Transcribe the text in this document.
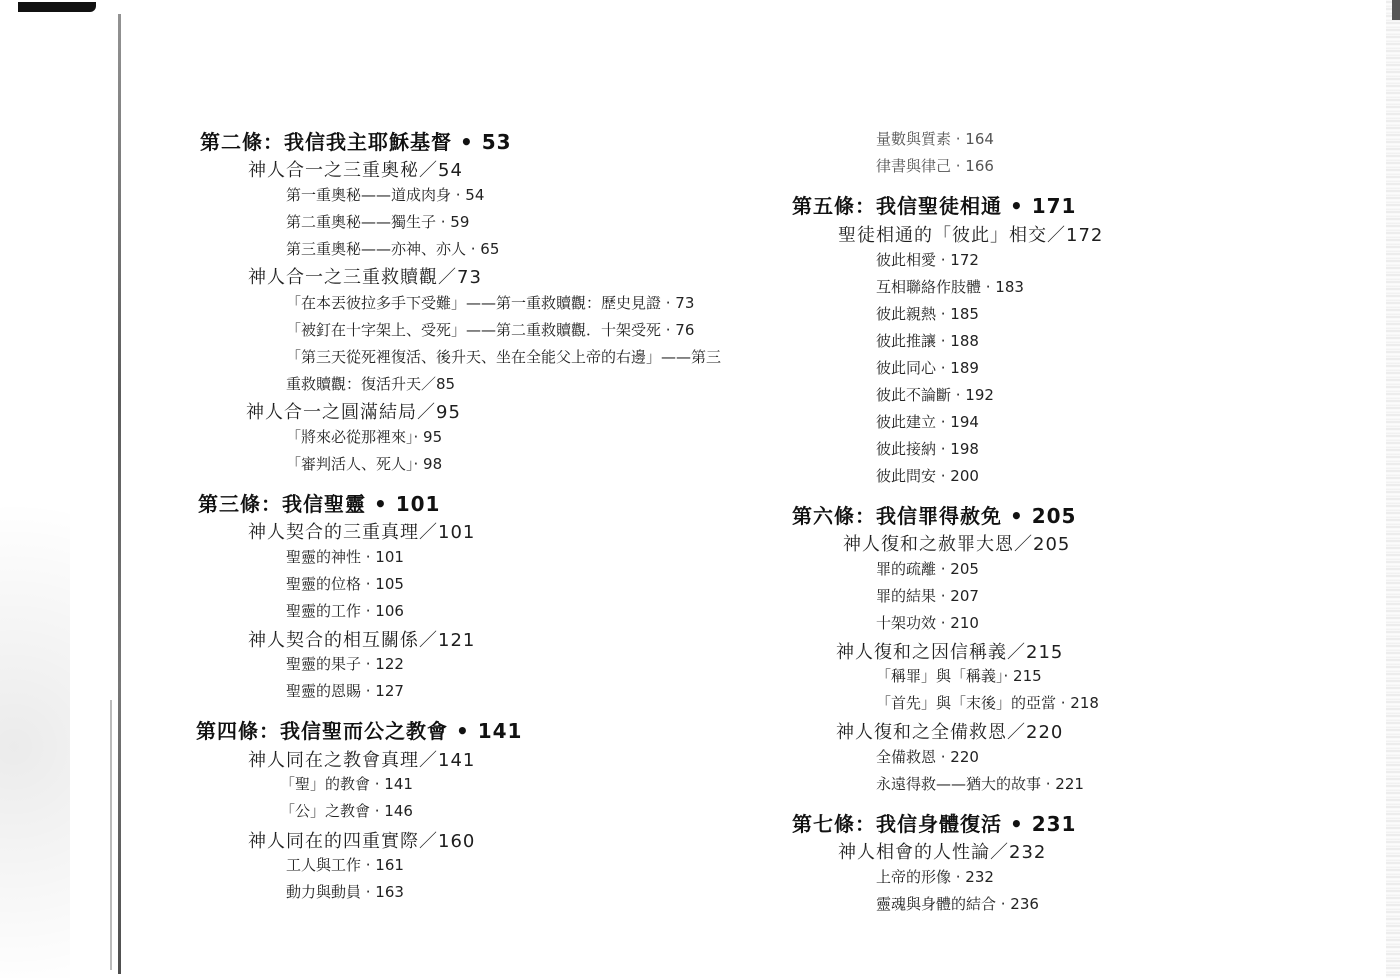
第二條：我信我主耶穌基督 • 53
神人合一之三重奧秘／54
第一重奧秘——道成肉身 · 54
第二重奧秘——獨生子 · 59
第三重奧秘——亦神、亦人 · 65
神人合一之三重救贖觀／73
「在本丟彼拉多手下受難」——第一重救贖觀：歷史見證 · 73
「被釘在十字架上、受死」——第二重救贖觀．十架受死 · 76
「第三天從死裡復活、後升天、坐在全能父上帝的右邊」——第三
重救贖觀：復活升天／85
神人合一之圓滿結局／95
「將來必從那裡來」· 95
「審判活人、死人」· 98
第三條：我信聖靈 • 101
神人契合的三重真理／101
聖靈的神性 · 101
聖靈的位格 · 105
聖靈的工作 · 106
神人契合的相互關係／121
聖靈的果子 · 122
聖靈的恩賜 · 127
第四條：我信聖而公之教會 • 141
神人同在之教會真理／141
「聖」的教會 · 141
「公」之教會 · 146
神人同在的四重實際／160
工人與工作 · 161
動力與動員 · 163
量數與質素 · 164
律書與律己 · 166
第五條：我信聖徒相通 • 171
聖徒相通的「彼此」相交／172
彼此相愛 · 172
互相聯絡作肢體 · 183
彼此親熱 · 185
彼此推讓 · 188
彼此同心 · 189
彼此不論斷 · 192
彼此建立 · 194
彼此接納 · 198
彼此問安 · 200
第六條：我信罪得赦免 • 205
神人復和之赦罪大恩／205
罪的疏離 · 205
罪的結果 · 207
十架功效 · 210
神人復和之因信稱義／215
「稱罪」與「稱義」· 215
「首先」與「末後」的亞當 · 218
神人復和之全備救恩／220
全備救恩 · 220
永遠得救——猶大的故事 · 221
第七條：我信身體復活 • 231
神人相會的人性論／232
上帝的形像 · 232
靈魂與身體的結合 · 236
